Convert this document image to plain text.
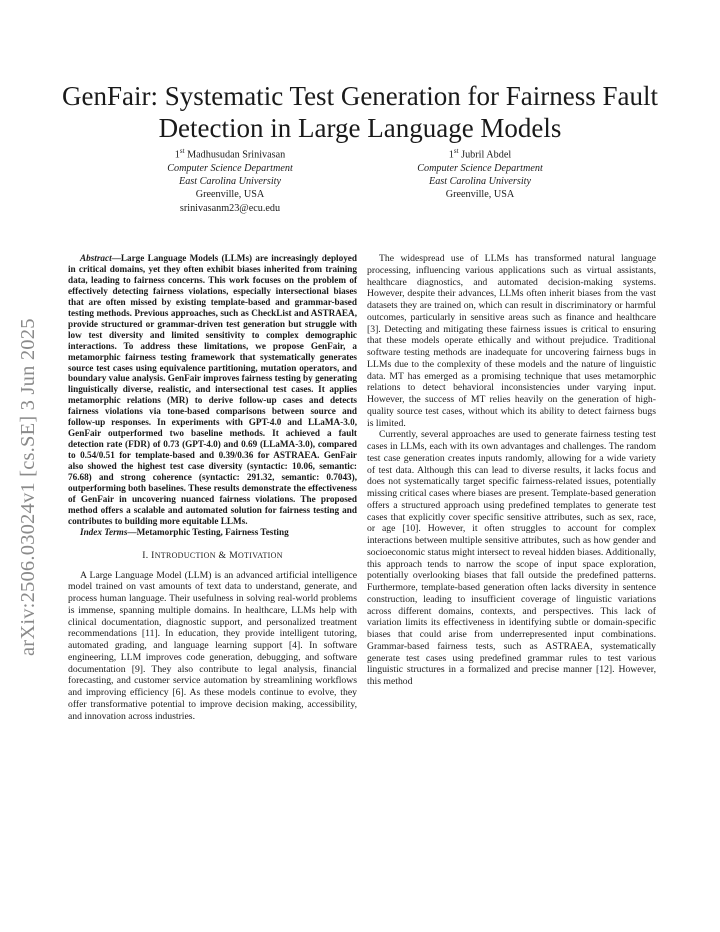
arXiv:2506.03024v1 [cs.SE] 3 Jun 2025
GenFair: Systematic Test Generation for Fairness Fault Detection in Large Language Models
1st Madhusudan Srinivasan
Computer Science Department
East Carolina University
Greenville, USA
srinivasanm23@ecu.edu
1st Jubril Abdel
Computer Science Department
East Carolina University
Greenville, USA

Abstract—Large Language Models (LLMs) are increasingly deployed in critical domains, yet they often exhibit biases inherited from training data, leading to fairness concerns. This work focuses on the problem of effectively detecting fairness violations, especially intersectional biases that are often missed by existing template-based and grammar-based testing methods. Previous approaches, such as CheckList and ASTRAEA, provide structured or grammar-driven test generation but struggle with low test diversity and limited sensitivity to complex demographic interactions. To address these limitations, we propose GenFair, a metamorphic fairness testing framework that systematically generates source test cases using equivalence partitioning, mutation operators, and boundary value analysis. GenFair improves fairness testing by generating linguistically diverse, realistic, and intersectional test cases. It applies metamorphic relations (MR) to derive follow-up cases and detects fairness violations via tone-based comparisons between source and follow-up responses. In experiments with GPT-4.0 and LLaMA-3.0, GenFair outperformed two baseline methods. It achieved a fault detection rate (FDR) of 0.73 (GPT-4.0) and 0.69 (LLaMA-3.0), compared to 0.54/0.51 for template-based and 0.39/0.36 for ASTRAEA. GenFair also showed the highest test case diversity (syntactic: 10.06, semantic: 76.68) and strong coherence (syntactic: 291.32, semantic: 0.7043), outperforming both baselines. These results demonstrate the effectiveness of GenFair in uncovering nuanced fairness violations. The proposed method offers a scalable and automated solution for fairness testing and contributes to building more equitable LLMs.

Index Terms—Metamorphic Testing, Fairness Testing

I. INTRODUCTION & MOTIVATION

A Large Language Model (LLM) is an advanced artificial intelligence model trained on vast amounts of text data to understand, generate, and process human language. Their usefulness in solving real-world problems is immense, spanning multiple domains. In healthcare, LLMs help with clinical documentation, diagnostic support, and personalized treatment recommendations [11]. In education, they provide intelligent tutoring, automated grading, and language learning support [4]. In software engineering, LLM improves code generation, debugging, and software documentation [9]. They also contribute to legal analysis, financial forecasting, and customer service automation by streamlining workflows and improving efficiency [6]. As these models continue to evolve, they offer transformative potential to improve decision making, accessibility, and innovation across industries.

The widespread use of LLMs has transformed natural language processing, influencing various applications such as virtual assistants, healthcare diagnostics, and automated decision-making systems. However, despite their advances, LLMs often inherit biases from the vast datasets they are trained on, which can result in discriminatory or harmful outcomes, particularly in sensitive areas such as finance and healthcare [3]. Detecting and mitigating these fairness issues is critical to ensuring that these models operate ethically and without prejudice. Traditional software testing methods are inadequate for uncovering fairness bugs in LLMs due to the complexity of these models and the nature of linguistic data. MT has emerged as a promising technique that uses metamorphic relations to detect behavioral inconsistencies under varying input. However, the success of MT relies heavily on the generation of high-quality source test cases, without which its ability to detect fairness bugs is limited.

Currently, several approaches are used to generate fairness testing test cases in LLMs, each with its own advantages and challenges. The random test case generation creates inputs randomly, allowing for a wide variety of test data. Although this can lead to diverse results, it lacks focus and does not systematically target specific fairness-related issues, potentially missing critical cases where biases are present. Template-based generation offers a structured approach using predefined templates to generate test cases that explicitly cover specific sensitive attributes, such as sex, race, or age [10]. However, it often struggles to account for complex interactions between multiple sensitive attributes, such as how gender and socioeconomic status might intersect to reveal hidden biases. Additionally, this approach tends to narrow the scope of input space exploration, potentially overlooking biases that fall outside the predefined patterns. Furthermore, template-based generation often lacks diversity in sentence construction, leading to insufficient coverage of linguistic variations across different domains, contexts, and perspectives. This lack of variation limits its effectiveness in identifying subtle or domain-specific biases that could arise from underrepresented input combinations. Grammar-based fairness tests, such as ASTRAEA, systematically generate test cases using predefined grammar rules to test various linguistic structures in a formalized and precise manner [12]. However, this method
